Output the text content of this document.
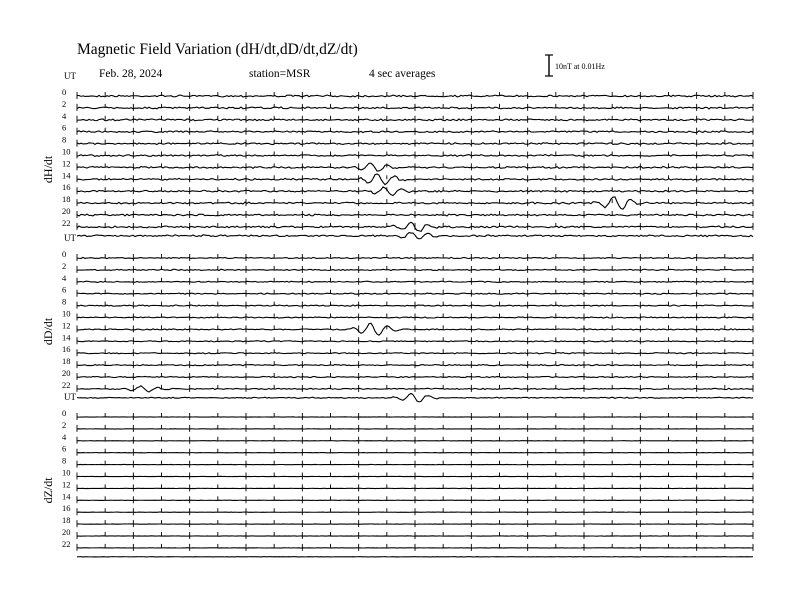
Magnetic Field Variation (dH/dt,dD/dt,dZ/dt)
Feb. 28, 2024	station=MSR	4 sec averages
10nT at 0.01Hz
UT
dH/dt
0
2
4
6
8
10
12
14
16
18
20
22
UT
dD/dt
0
2
4
6
8
10
12
14
16
18
20
22
UT
dZ/dt
0
2
4
6
8
10
12
14
16
18
20
22
